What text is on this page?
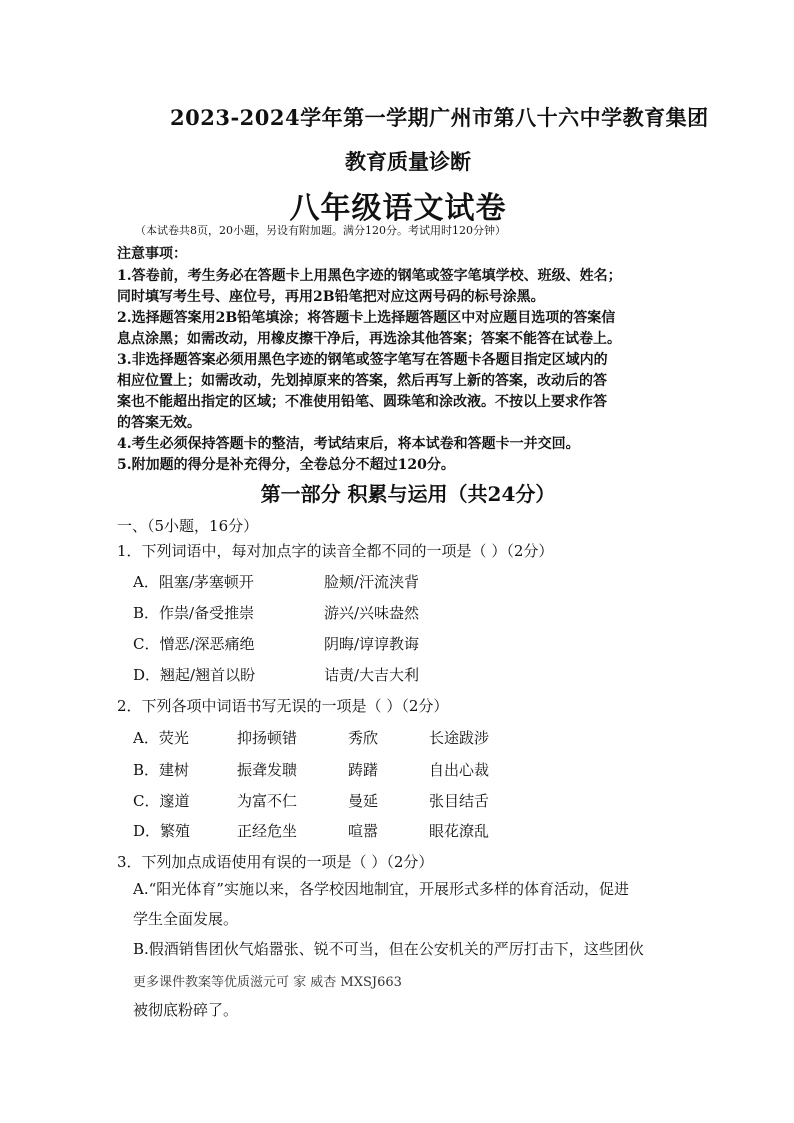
2023-2024学年第一学期广州市第八十六中学教育集团
教育质量诊断
八年级语文试卷
（本试卷共8页，20小题，另设有附加题。满分120分。考试用时120分钟）
注意事项：
1.答卷前，考生务必在答题卡上用黑色字迹的钢笔或签字笔填学校、班级、姓名；
同时填写考生号、座位号，再用2B铅笔把对应这两号码的标号涂黑。
2.选择题答案用2B铅笔填涂；将答题卡上选择题答题区中对应题目选项的答案信
息点涂黑；如需改动，用橡皮擦干净后，再选涂其他答案；答案不能答在试卷上。
3.非选择题答案必须用黑色字迹的钢笔或签字笔写在答题卡各题目指定区域内的
相应位置上；如需改动，先划掉原来的答案，然后再写上新的答案，改动后的答
案也不能超出指定的区域；不准使用铅笔、圆珠笔和涂改液。不按以上要求作答
的答案无效。
4.考生必须保持答题卡的整洁，考试结束后，将本试卷和答题卡一并交回。
5.附加题的得分是补充得分，全卷总分不超过120分。
第一部分 积累与运用（共24分）
一、（5小题，16分）
1．下列词语中，每对加点字的读音全都不同的一项是（ ）（2分）
A．阻塞/茅塞顿开	脸颊/汗流浃背
B．作祟/备受推崇	游兴/兴味盎然
C．憎恶/深恶痛绝	阴晦/谆谆教诲
D．翘起/翘首以盼	诘责/大吉大利
2．下列各项中词语书写无误的一项是（ ）（2分）
A．荧光	抑扬顿错	秀欣	长途跋涉
B．建树	振聋发聩	踌躇	自出心裁
C．邃道	为富不仁	曼延	张目结舌
D．繁殖	正经危坐	喧嚣	眼花潦乱
3．下列加点成语使用有误的一项是（ ）（2分）
A.“阳光体育”实施以来，各学校因地制宜，开展形式多样的体育活动，促进
学生全面发展。
B.假酒销售团伙气焰嚣张、锐不可当，但在公安机关的严厉打击下，这些团伙
更多课件教案等优质滋元可 家 威杏 MXSJ663
被彻底粉碎了。
